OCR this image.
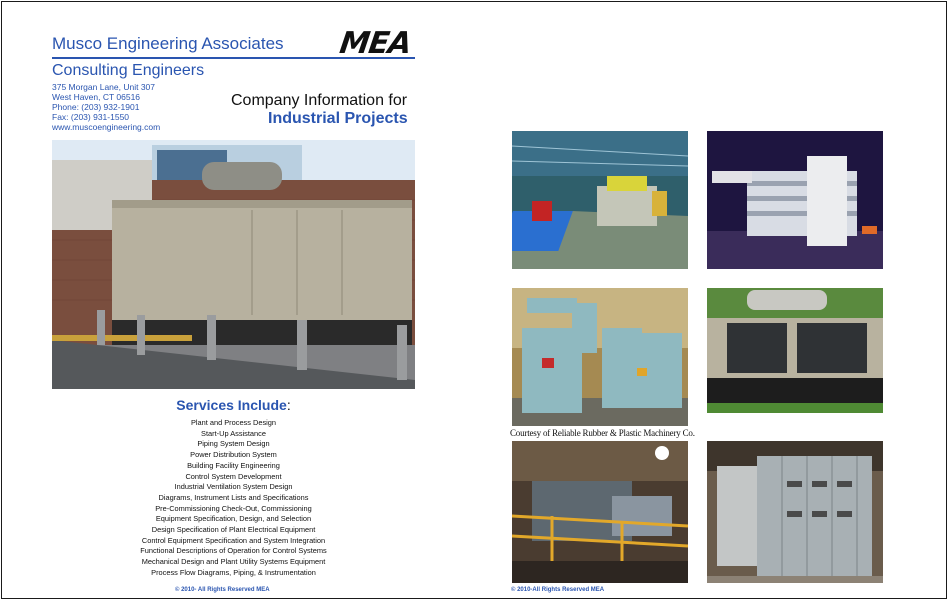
Musco Engineering Associates
Consulting Engineers
MEA
375 Morgan Lane, Unit 307
West Haven, CT 06516
Phone: (203) 932-1901
Fax: (203) 931-1550
www.muscoengineering.com
Company Information for
Industrial Projects
Services Include:
Plant and Process Design
Start-Up Assistance
Piping System Design
Power Distribution System
Building Facility Engineering
Control System Development
Industrial Ventilation System Design
Diagrams, Instrument Lists and Specifications
Pre-Commissioning Check-Out, Commissioning
Equipment Specification, Design, and Selection
Design Specification of Plant Electrical Equipment
Control Equipment Specification and System Integration
Functional Descriptions of Operation for Control Systems
Mechanical Design and Plant Utility Systems Equipment
Process Flow Diagrams, Piping, & Instrumentation
© 2010- All Rights Reserved MEA
Courtesy of Reliable Rubber & Plastic Machinery Co.
© 2010-All Rights Reserved MEA
